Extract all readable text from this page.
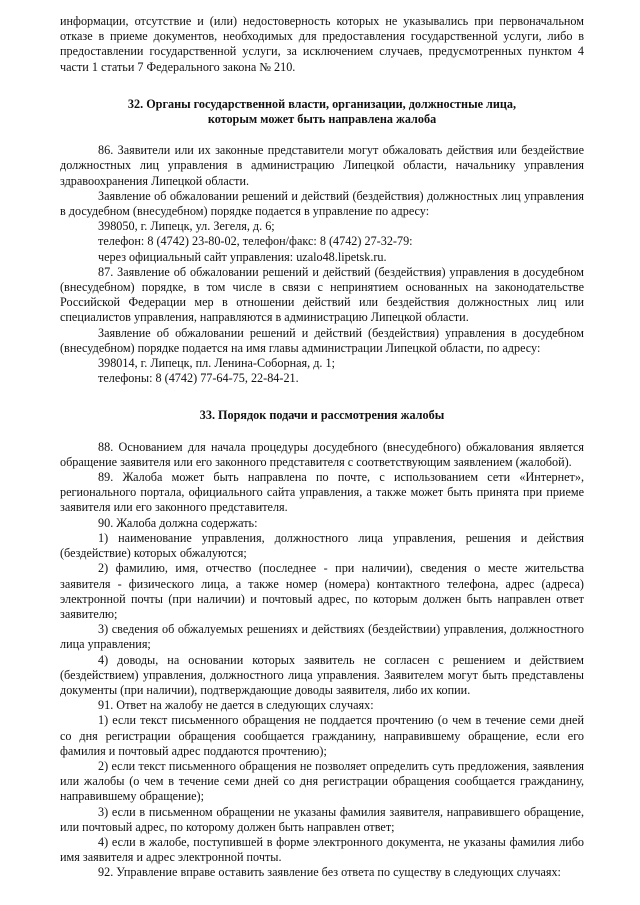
информации, отсутствие и (или) недостоверность которых не указывались при первоначальном отказе в приеме документов, необходимых для предоставления государственной услуги, либо в предоставлении государственной услуги, за исключением случаев, предусмотренных пунктом 4 части 1 статьи 7 Федерального закона № 210.

32. Органы государственной власти, организации, должностные лица,

которым может быть направлена жалоба

86. Заявители или их законные представители могут обжаловать действия или бездействие должностных лиц управления в администрацию Липецкой области, начальнику управления здравоохранения Липецкой области.

Заявление об обжаловании решений и действий (бездействия) должностных лиц управления в досудебном (внесудебном) порядке подается в управление по адресу:

398050, г. Липецк, ул. Зегеля, д. 6;

телефон: 8 (4742) 23-80-02, телефон/факс: 8 (4742) 27-32-79:

через официальный сайт управления: uzalo48.lipetsk.ru.

87. Заявление об обжаловании решений и действий (бездействия) управления в досудебном (внесудебном) порядке, в том числе в связи с непринятием основанных на законодательстве Российской Федерации мер в отношении действий или бездействия должностных лиц или специалистов управления, направляются в администрацию Липецкой области.

Заявление об обжаловании решений и действий (бездействия) управления в досудебном (внесудебном) порядке подается на имя главы администрации Липецкой области, по адресу:

398014, г. Липецк, пл. Ленина-Соборная, д. 1;

телефоны: 8 (4742) 77-64-75, 22-84-21.

33. Порядок подачи и рассмотрения жалобы

88. Основанием для начала процедуры досудебного (внесудебного) обжалования является обращение заявителя или его законного представителя с соответствующим заявлением (жалобой).

89. Жалоба может быть направлена по почте, с использованием сети «Интернет», регионального портала, официального сайта управления, а также может быть принята при приеме заявителя или его законного представителя.

90. Жалоба должна содержать:

1) наименование управления, должностного лица управления, решения и действия (бездействие) которых обжалуются;

2) фамилию, имя, отчество (последнее - при наличии), сведения о месте жительства заявителя - физического лица, а также номер (номера) контактного телефона, адрес (адреса) электронной почты (при наличии) и почтовый адрес, по которым должен быть направлен ответ заявителю;

3) сведения об обжалуемых решениях и действиях (бездействии) управления, должностного лица управления;

4) доводы, на основании которых заявитель не согласен с решением и действием (бездействием) управления, должностного лица управления. Заявителем могут быть представлены документы (при наличии), подтверждающие доводы заявителя, либо их копии.

91. Ответ на жалобу не дается в следующих случаях:

1) если текст письменного обращения не поддается прочтению (о чем в течение семи дней со дня регистрации обращения сообщается гражданину, направившему обращение, если его фамилия и почтовый адрес поддаются прочтению);

2) если текст письменного обращения не позволяет определить суть предложения, заявления или жалобы (о чем в течение семи дней со дня регистрации обращения сообщается гражданину, направившему обращение);

3) если в письменном обращении не указаны фамилия заявителя, направившего обращение, или почтовый адрес, по которому должен быть направлен ответ;

4) если в жалобе, поступившей в форме электронного документа, не указаны фамилия либо имя заявителя и адрес электронной почты.

92. Управление вправе оставить заявление без ответа по существу в следующих случаях:
